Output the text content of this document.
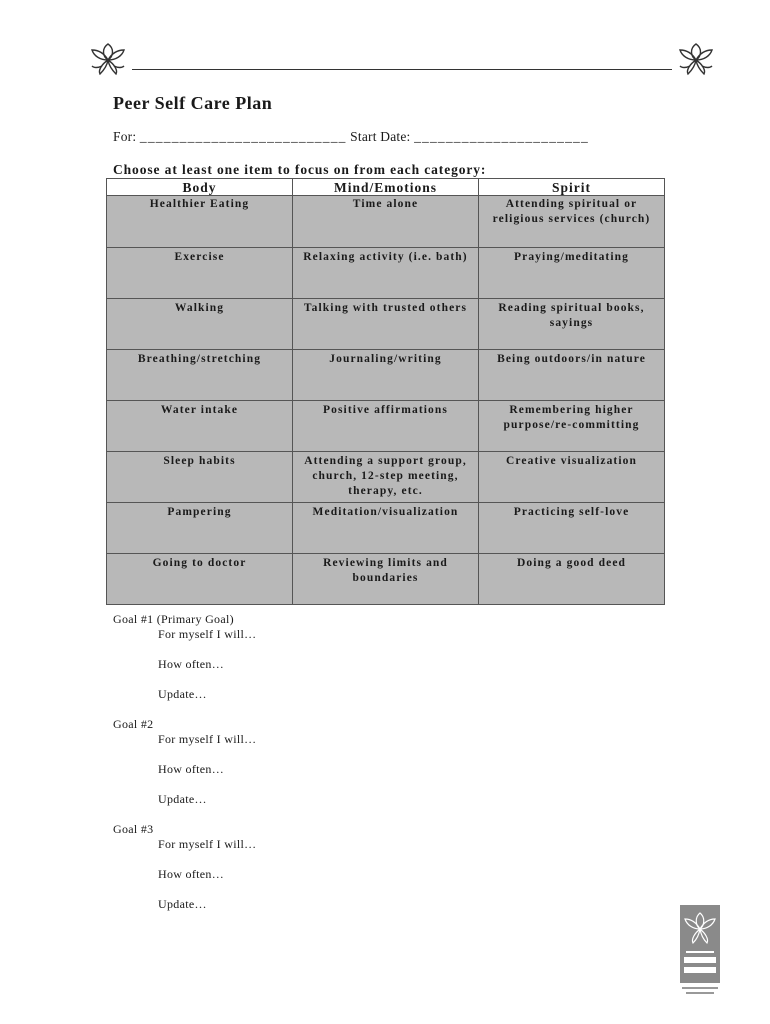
Peer Self Care Plan
For: __________________________ Start Date: ______________________
Choose at least one item to focus on from each category:
Body	Mind/Emotions	Spirit
Healthier Eating	Time alone	Attending spiritual or religious services (church)
Exercise	Relaxing activity (i.e. bath)	Praying/meditating
Walking	Talking with trusted others	Reading spiritual books, sayings
Breathing/stretching	Journaling/writing	Being outdoors/in nature
Water intake	Positive affirmations	Remembering higher purpose/re-committing
Sleep habits	Attending a support group, church, 12-step meeting, therapy, etc.	Creative visualization
Pampering	Meditation/visualization	Practicing self-love
Going to doctor	Reviewing limits and boundaries	Doing a good deed
Goal #1 (Primary Goal)
For myself I will…
How often…
Update…
Goal #2
For myself I will…
How often…
Update…
Goal #3
For myself I will…
How often…
Update…
